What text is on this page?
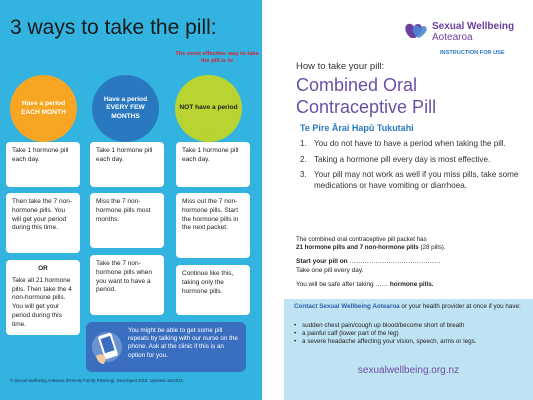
3 ways to take the pill:
The most effective way to take the pill is to
Have a period EACH MONTH
Have a period EVERY FEW MONTHS
NOT have a period
Take 1 hormone pill each day.
Then take the 7 non-hormone pills. You will get your period during this time.
OR
Take all 21 hormone pills. Then take the 4 non-hormone pills. You will get your period during this time.
Take 1 hormone pill each day.
Miss the 7 non-hormone pills most months.
Take the 7 non-hormone pills when you want to have a period.
Take 1 hormone pill each day.
Miss out the 7 non-hormone pills. Start the hormone pills in the next packet.
Continue like this, taking only the hormone pills.
You might be able to get some pill repeats by talking with our nurse on the phone. Ask at the clinic if this is an option for you.
© Sexual Wellbeing Aotearoa (formerly Family Planning). Developed 2018. Updated Jan2024.
Sexual Wellbeing
Aotearoa
INSTRUCTION FOR USE
How to take your pill:
Combined Oral Contraceptive Pill
Te Pire Ārai Hapū Tukutahi
1. You do not have to have a period when taking the pill.
2. Taking a hormone pill every day is most effective.
3. Your pill may not work as well if you miss pills, take some medications or have vomiting or diarrhoea.
The combined oral contraceptive pill packet has
21 hormone pills and 7 non-hormone pills (28 pills).
Start your pill on ……………………………………
Take one pill every day.
You will be safe after taking …… hormone pills.
Contact Sexual Wellbeing Aotearoa or your health provider at once if you have:
• sudden chest pain/cough up blood/become short of breath
• a painful calf (lower part of the leg)
• a severe headache affecting your vision, speech, arms or legs.
sexualwellbeing.org.nz
